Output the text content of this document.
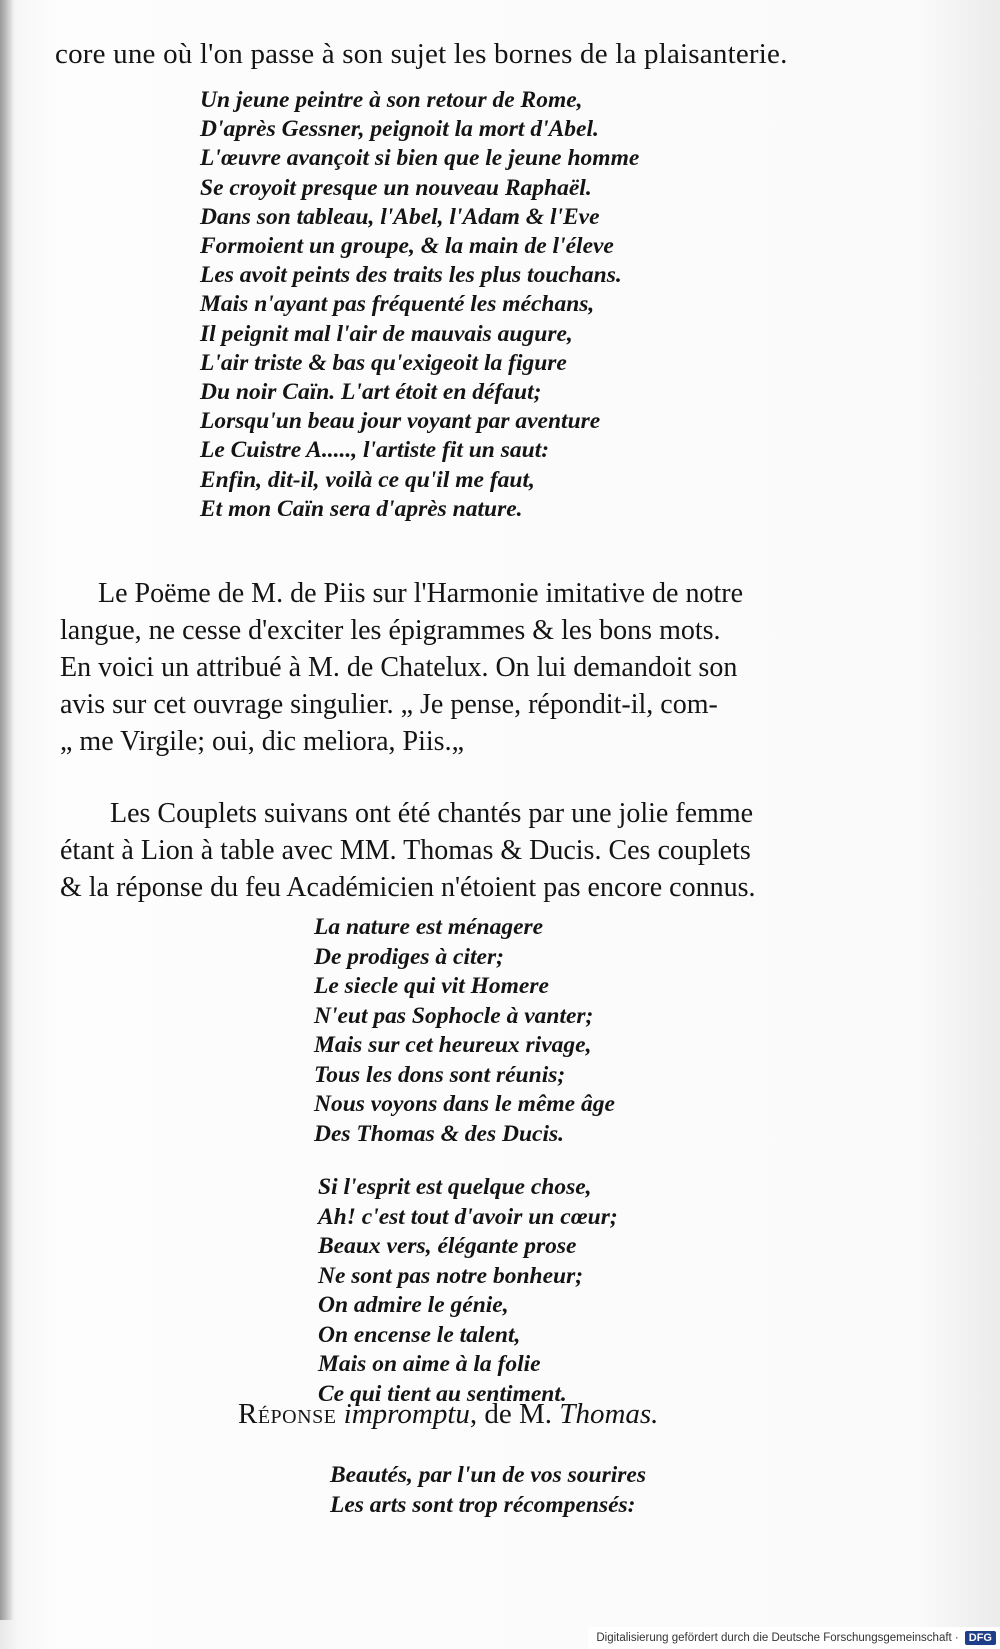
core une où l'on passe à son sujet les bornes de la plaisanterie.
Un jeune peintre à son retour de Rome,
D'après Gessner, peignoit la mort d'Abel.
L'œuvre avançoit si bien que le jeune homme
Se croyoit presque un nouveau Raphaël.
Dans son tableau, l'Abel, l'Adam & l'Eve
Formoient un groupe, & la main de l'éleve
Les avoit peints des traits les plus touchans.
Mais n'ayant pas fréquenté les méchans,
Il peignit mal l'air de mauvais augure,
L'air triste & bas qu'exigeoit la figure
Du noir Caïn. L'art étoit en défaut;
Lorsqu'un beau jour voyant par aventure
Le Cuistre A....., l'artiste fit un saut:
Enfin, dit-il, voilà ce qu'il me faut,
Et mon Caïn sera d'après nature.
Le Poëme de M. de Piis sur l'Harmonie imitative de notre
langue, ne cesse d'exciter les épigrammes & les bons mots.
En voici un attribué à M. de Chatelux. On lui demandoit son
avis sur cet ouvrage singulier. „ Je pense, répondit-il, com-
„ me Virgile; oui, dic meliora, Piis.„
Les Couplets suivans ont été chantés par une jolie femme
étant à Lion à table avec MM. Thomas & Ducis. Ces couplets
& la réponse du feu Académicien n'étoient pas encore connus.
La nature est ménagere
De prodiges à citer;
Le siecle qui vit Homere
N'eut pas Sophocle à vanter;
Mais sur cet heureux rivage,
Tous les dons sont réunis;
Nous voyons dans le même âge
Des Thomas & des Ducis.
Si l'esprit est quelque chose,
Ah! c'est tout d'avoir un cœur;
Beaux vers, élégante prose
Ne sont pas notre bonheur;
On admire le génie,
On encense le talent,
Mais on aime à la folie
Ce qui tient au sentiment.
Réponse impromptu, de M. Thomas.
Beautés, par l'un de vos sourires
Les arts sont trop récompensés:
Digitalisierung gefördert durch die Deutsche Forschungsgemeinschaft · DFG
